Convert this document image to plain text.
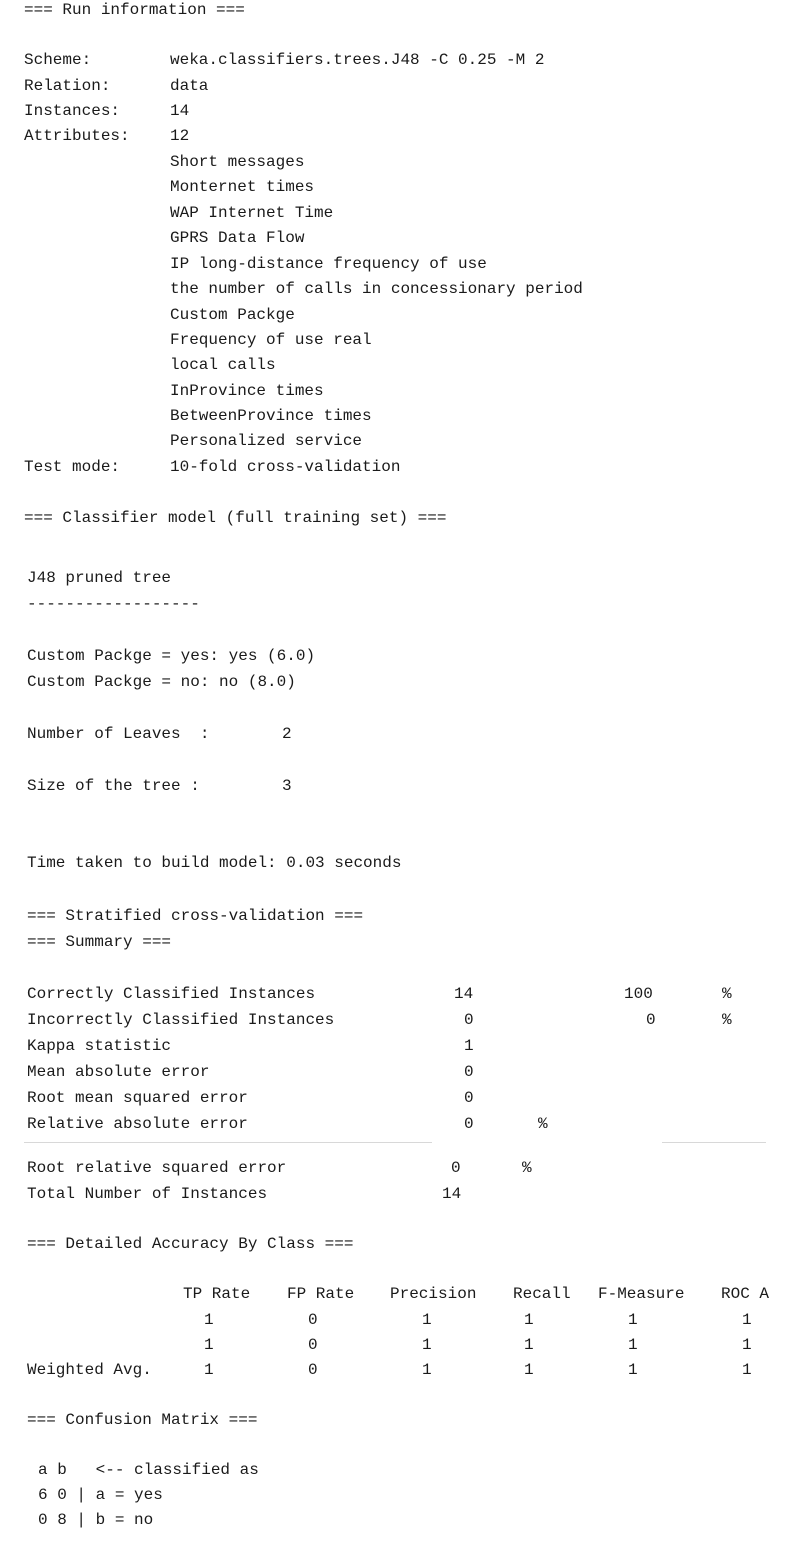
=== Run information ===
Scheme:	weka.classifiers.trees.J48 -C 0.25 -M 2
Relation:	data
Instances:	14
Attributes:	12
Short messages
Monternet times
WAP Internet Time
GPRS Data Flow
IP long-distance frequency of use
the number of calls in concessionary period
Custom Packge
Frequency of use real
local calls
InProvince times
BetweenProvince times
Personalized service
Test mode:	10-fold cross-validation
=== Classifier model (full training set) ===
J48 pruned tree
------------------
Custom Packge = yes: yes (6.0)
Custom Packge = no: no (8.0)
Number of Leaves  :	2
Size of the tree :	3
Time taken to build model: 0.03 seconds
=== Stratified cross-validation ===
=== Summary ===
Correctly Classified Instances	14	100	%
Incorrectly Classified Instances	0	0	%
Kappa statistic	1
Mean absolute error	0
Root mean squared error	0
Relative absolute error	0	%
Root relative squared error	0	%
Total Number of Instances	14
=== Detailed Accuracy By Class ===
TP Rate FP Rate Precision Recall F-Measure ROC A
1	0	1	1	1	1
1	0	1	1	1	1
Weighted Avg.	1	0	1	1	1	1
=== Confusion Matrix ===
a b   <-- classified as
6 0 | a = yes
0 8 | b = no
